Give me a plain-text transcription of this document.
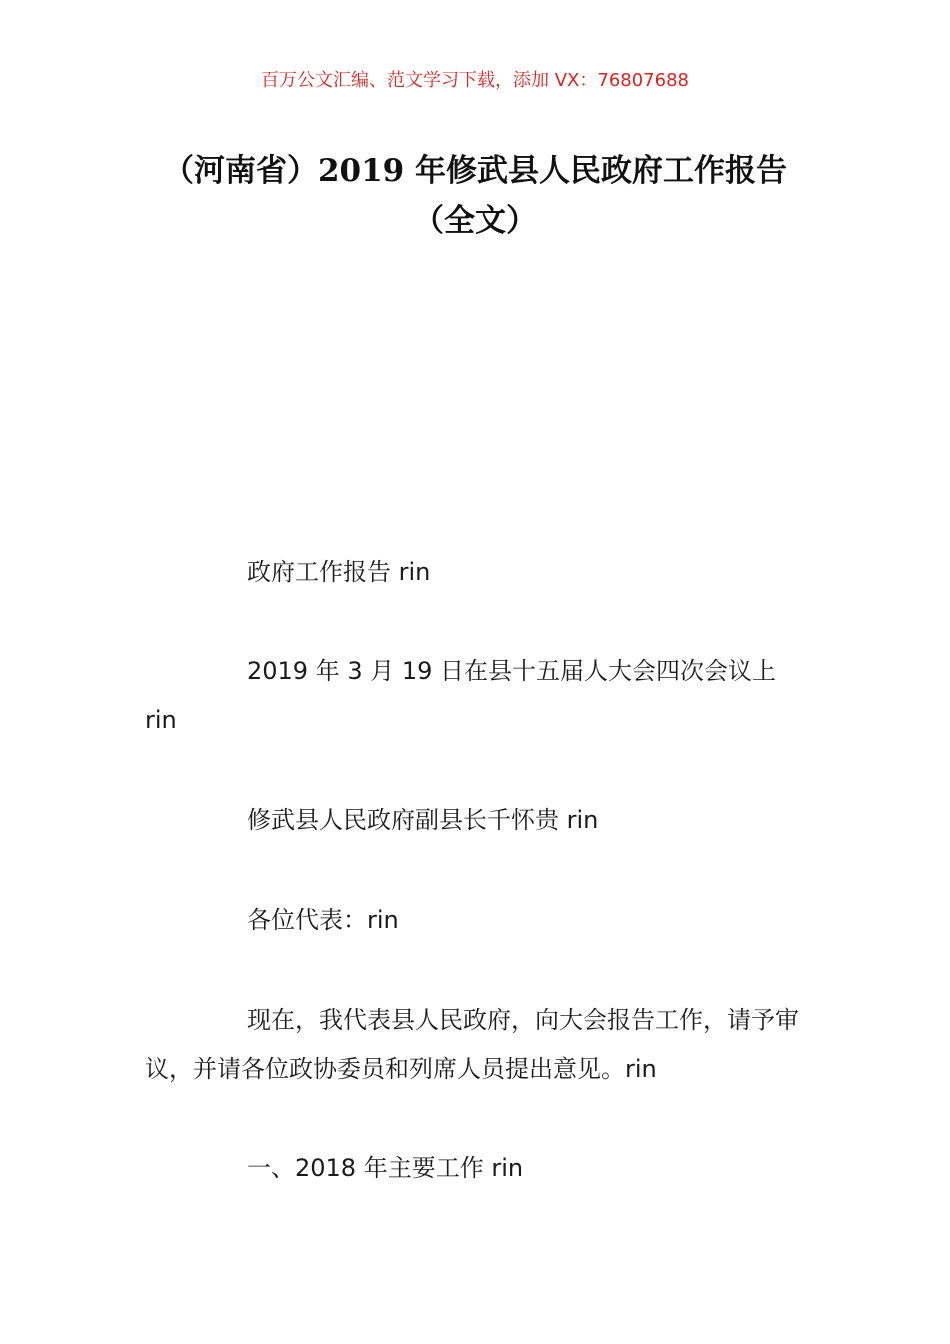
百万公文汇编、范文学习下载，添加 VX：76807688
（河南省）2019 年修武县人民政府工作报告（全文）

政府工作报告 rin

2019 年 3 月 19 日在县十五届人大会四次会议上 rin

修武县人民政府副县长千怀贵 rin

各位代表：rin

现在，我代表县人民政府，向大会报告工作，请予审议，并请各位政协委员和列席人员提出意见。rin

一、2018 年主要工作 rin
